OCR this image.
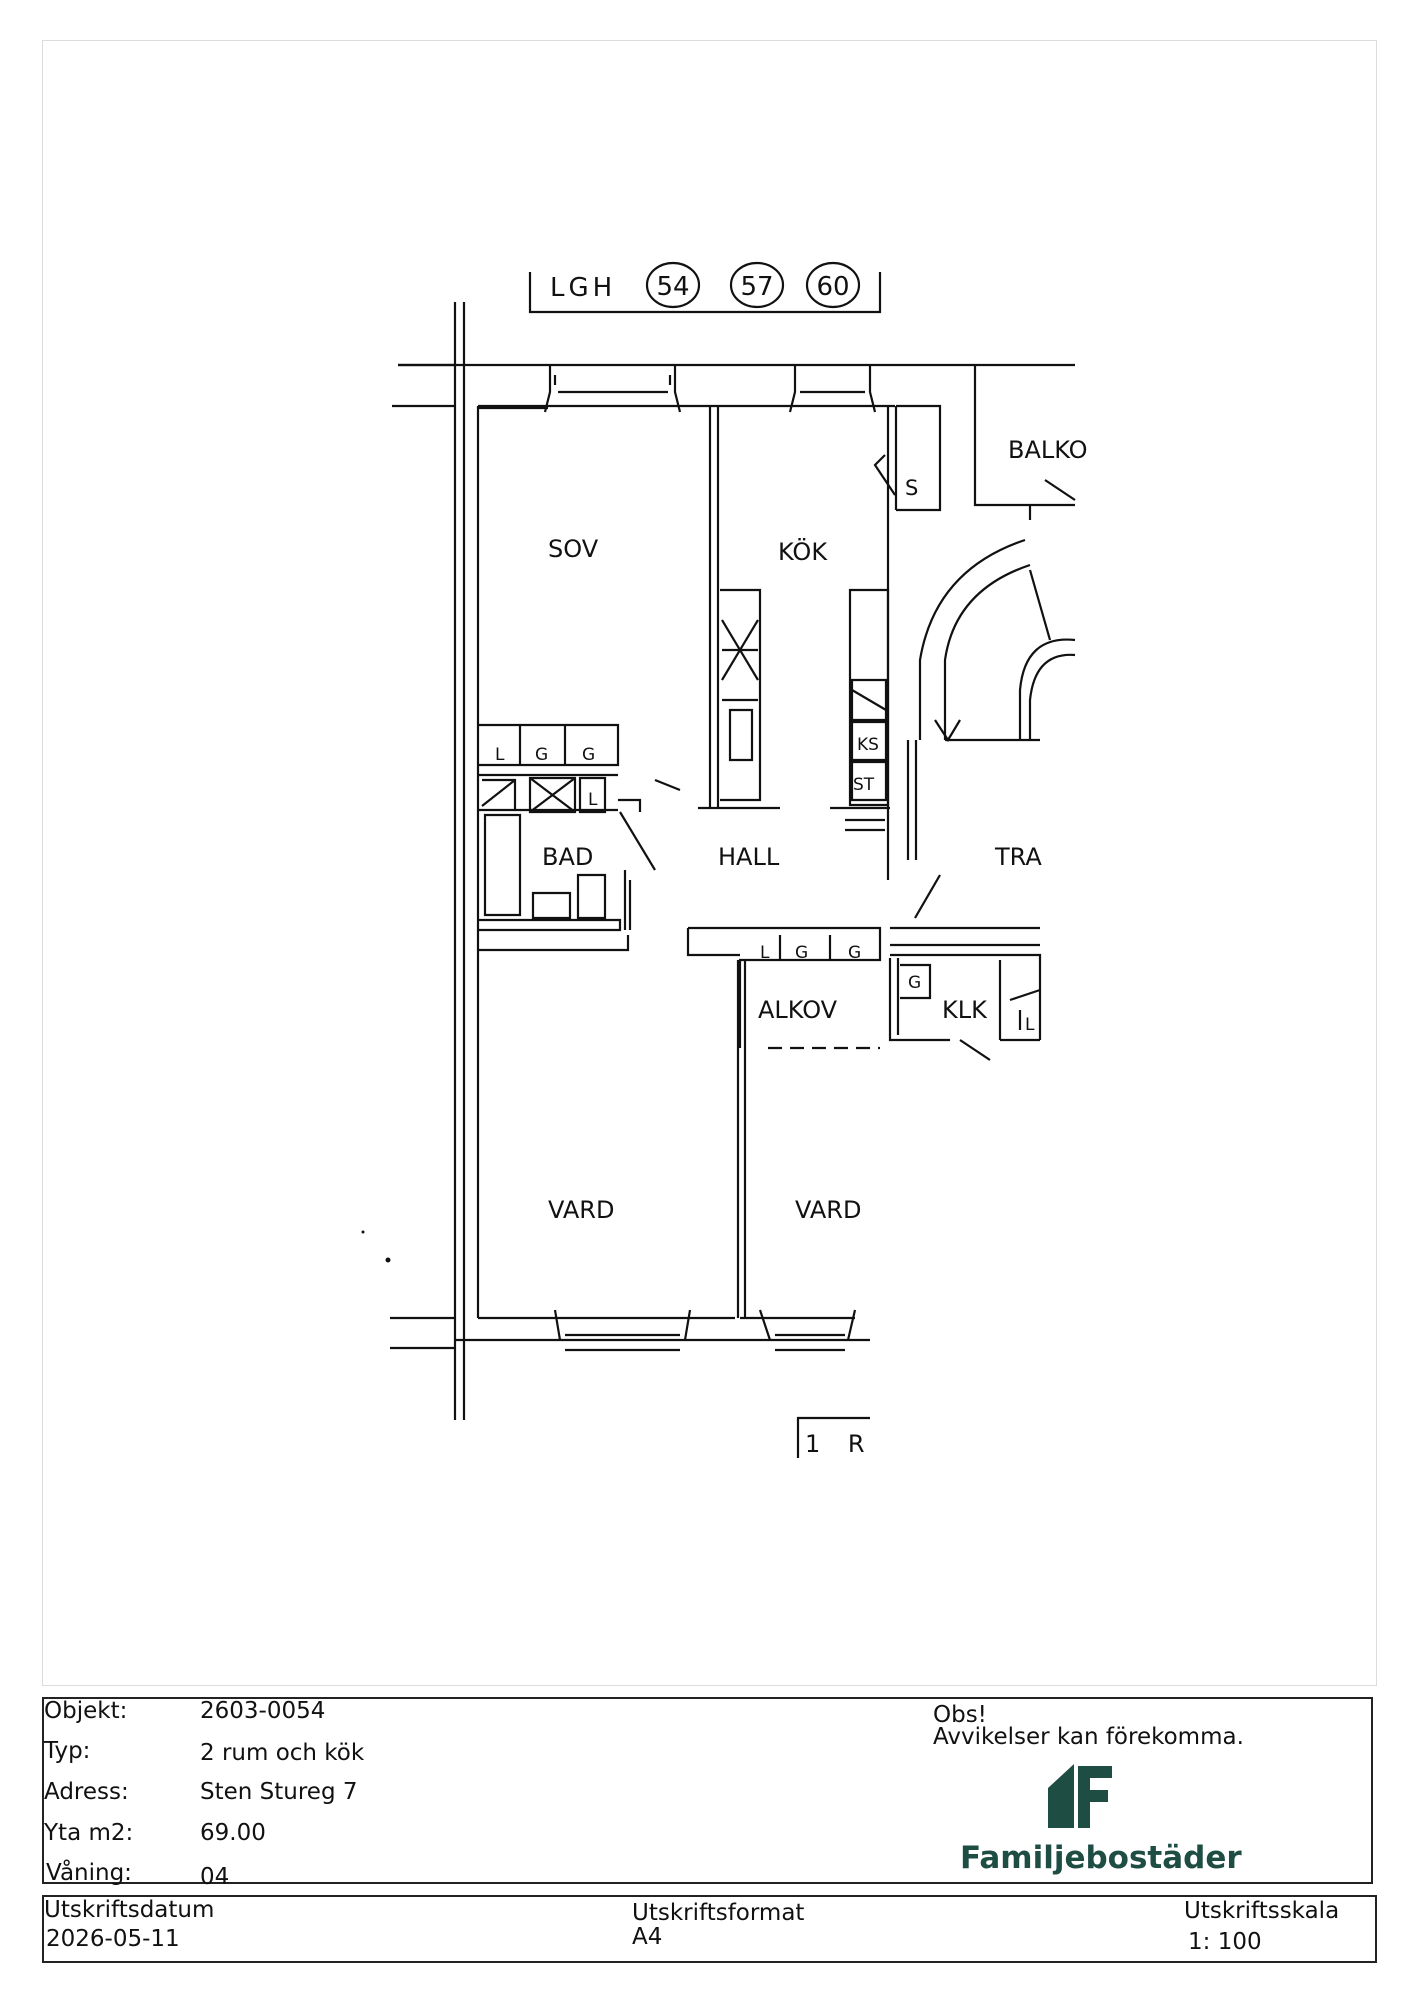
LGH 54 57 60
SOV	KÖK
BALKO
HALL
BAD	TRA
ALKOV	KLK
VARD	VARD
S
KS
ST
L G G
L
L G G
G
L
1 R
Objekt:	2603-0054
Typ:	2 rum och kök
Adress:	Sten Stureg 7
Yta m2:	69.00
Våning:	04
Obs!
Avvikelser kan förekomma.
Familjebostäder
Utskriftsdatum
2026-05-11
Utskriftsformat
A4
Utskriftsskala
1: 100
